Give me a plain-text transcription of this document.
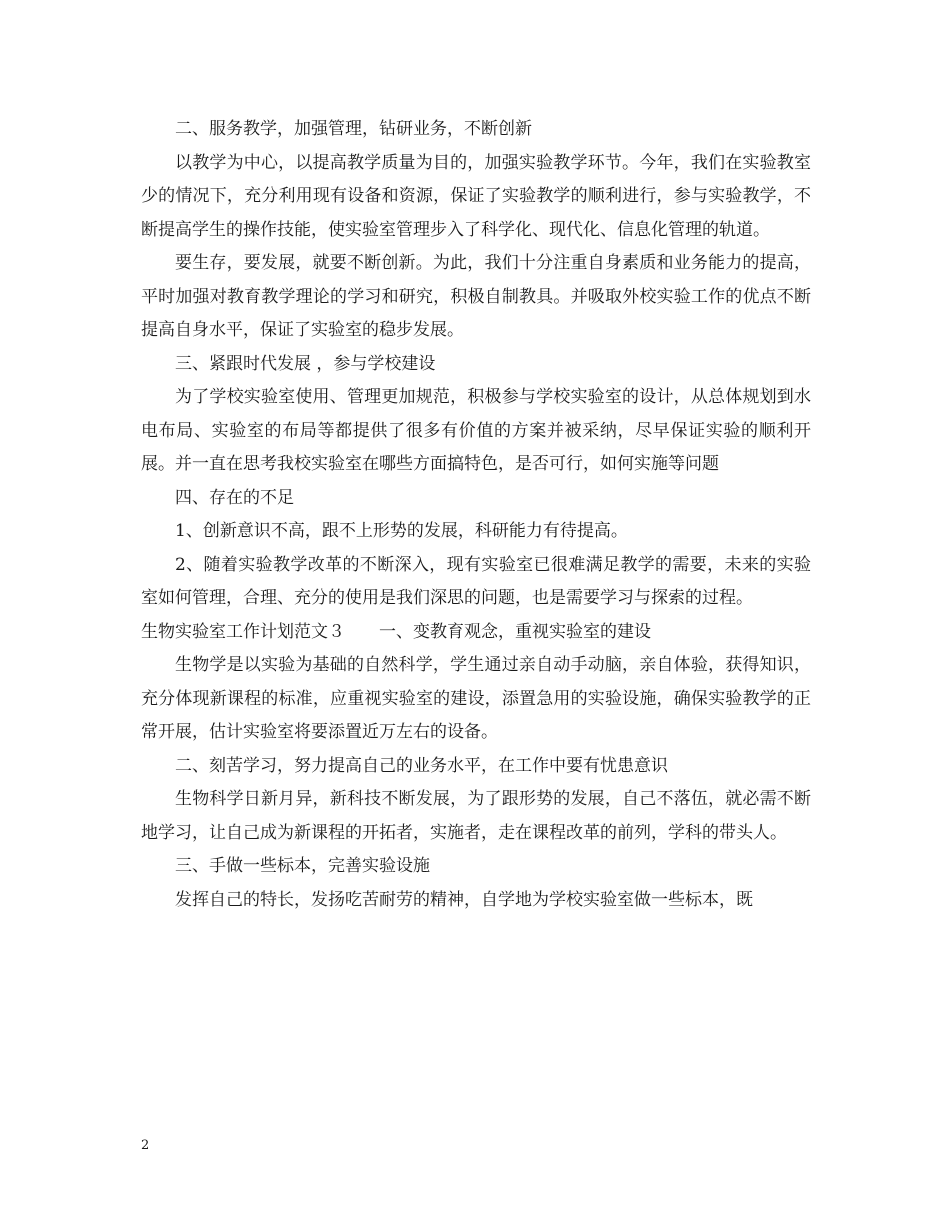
二、服务教学，加强管理，钻研业务，不断创新

以教学为中心，以提高教学质量为目的，加强实验教学环节。今年，我们在实验教室少的情况下，充分利用现有设备和资源，保证了实验教学的顺利进行，参与实验教学，不断提高学生的操作技能，使实验室管理步入了科学化、现代化、信息化管理的轨道。

要生存，要发展，就要不断创新。为此，我们十分注重自身素质和业务能力的提高，平时加强对教育教学理论的学习和研究，积极自制教具。并吸取外校实验工作的优点不断提高自身水平，保证了实验室的稳步发展。

三、紧跟时代发展 ，参与学校建设

为了学校实验室使用、管理更加规范，积极参与学校实验室的设计，从总体规划到水电布局、实验室的布局等都提供了很多有价值的方案并被采纳，尽早保证实验的顺利开展。并一直在思考我校实验室在哪些方面搞特色，是否可行，如何实施等问题

四、存在的不足

1、创新意识不高，跟不上形势的发展，科研能力有待提高。

2、随着实验教学改革的不断深入，现有实验室已很难满足教学的需要，未来的实验室如何管理，合理、充分的使用是我们深思的问题，也是需要学习与探索的过程。

生物实验室工作计划范文３ 一、变教育观念，重视实验室的建设

生物学是以实验为基础的自然科学，学生通过亲自动手动脑，亲自体验，获得知识，充分体现新课程的标准，应重视实验室的建设，添置急用的实验设施，确保实验教学的正常开展，估计实验室将要添置近万左右的设备。

二、刻苦学习，努力提高自己的业务水平，在工作中要有忧患意识

生物科学日新月异，新科技不断发展，为了跟形势的发展，自己不落伍，就必需不断地学习，让自己成为新课程的开拓者，实施者，走在课程改革的前列，学科的带头人。

三、手做一些标本，完善实验设施

发挥自己的特长，发扬吃苦耐劳的精神，自学地为学校实验室做一些标本，既

2
